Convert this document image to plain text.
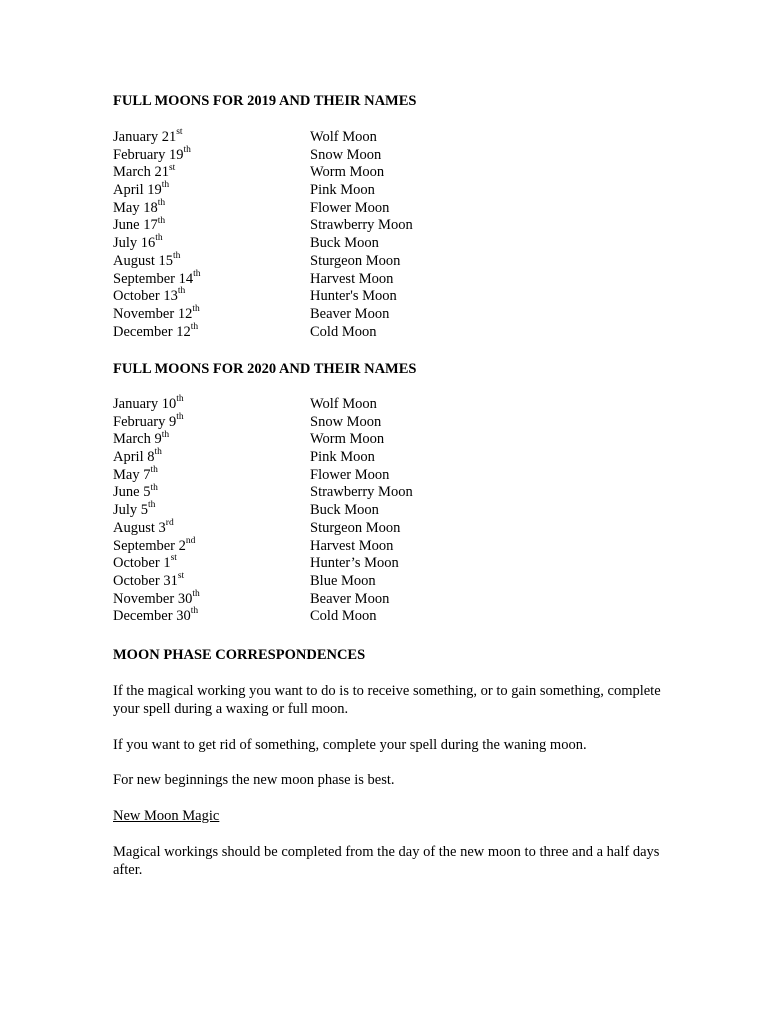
FULL MOONS FOR 2019 AND THEIR NAMES
January 21st	Wolf Moon
February 19th	Snow Moon
March 21st	Worm Moon
April 19th	Pink Moon
May 18th	Flower Moon
June 17th	Strawberry Moon
July 16th	Buck Moon
August 15th	Sturgeon Moon
September 14th	Harvest Moon
October 13th	Hunter's Moon
November 12th	Beaver Moon
December 12th	Cold Moon
FULL MOONS FOR 2020 AND THEIR NAMES
January 10th	Wolf Moon
February 9th	Snow Moon
March 9th	Worm Moon
April 8th	Pink Moon
May 7th	Flower Moon
June 5th	Strawberry Moon
July 5th	Buck Moon
August 3rd	Sturgeon Moon
September 2nd	Harvest Moon
October 1st	Hunter’s Moon
October 31st	Blue Moon
November 30th	Beaver Moon
December 30th	Cold Moon
MOON PHASE CORRESPONDENCES

If the magical working you want to do is to receive something, or to gain something, complete your spell during a waxing or full moon.

If you want to get rid of something, complete your spell during the waning moon.

For new beginnings the new moon phase is best.

New Moon Magic

Magical workings should be completed from the day of the new moon to three and a half days after.
